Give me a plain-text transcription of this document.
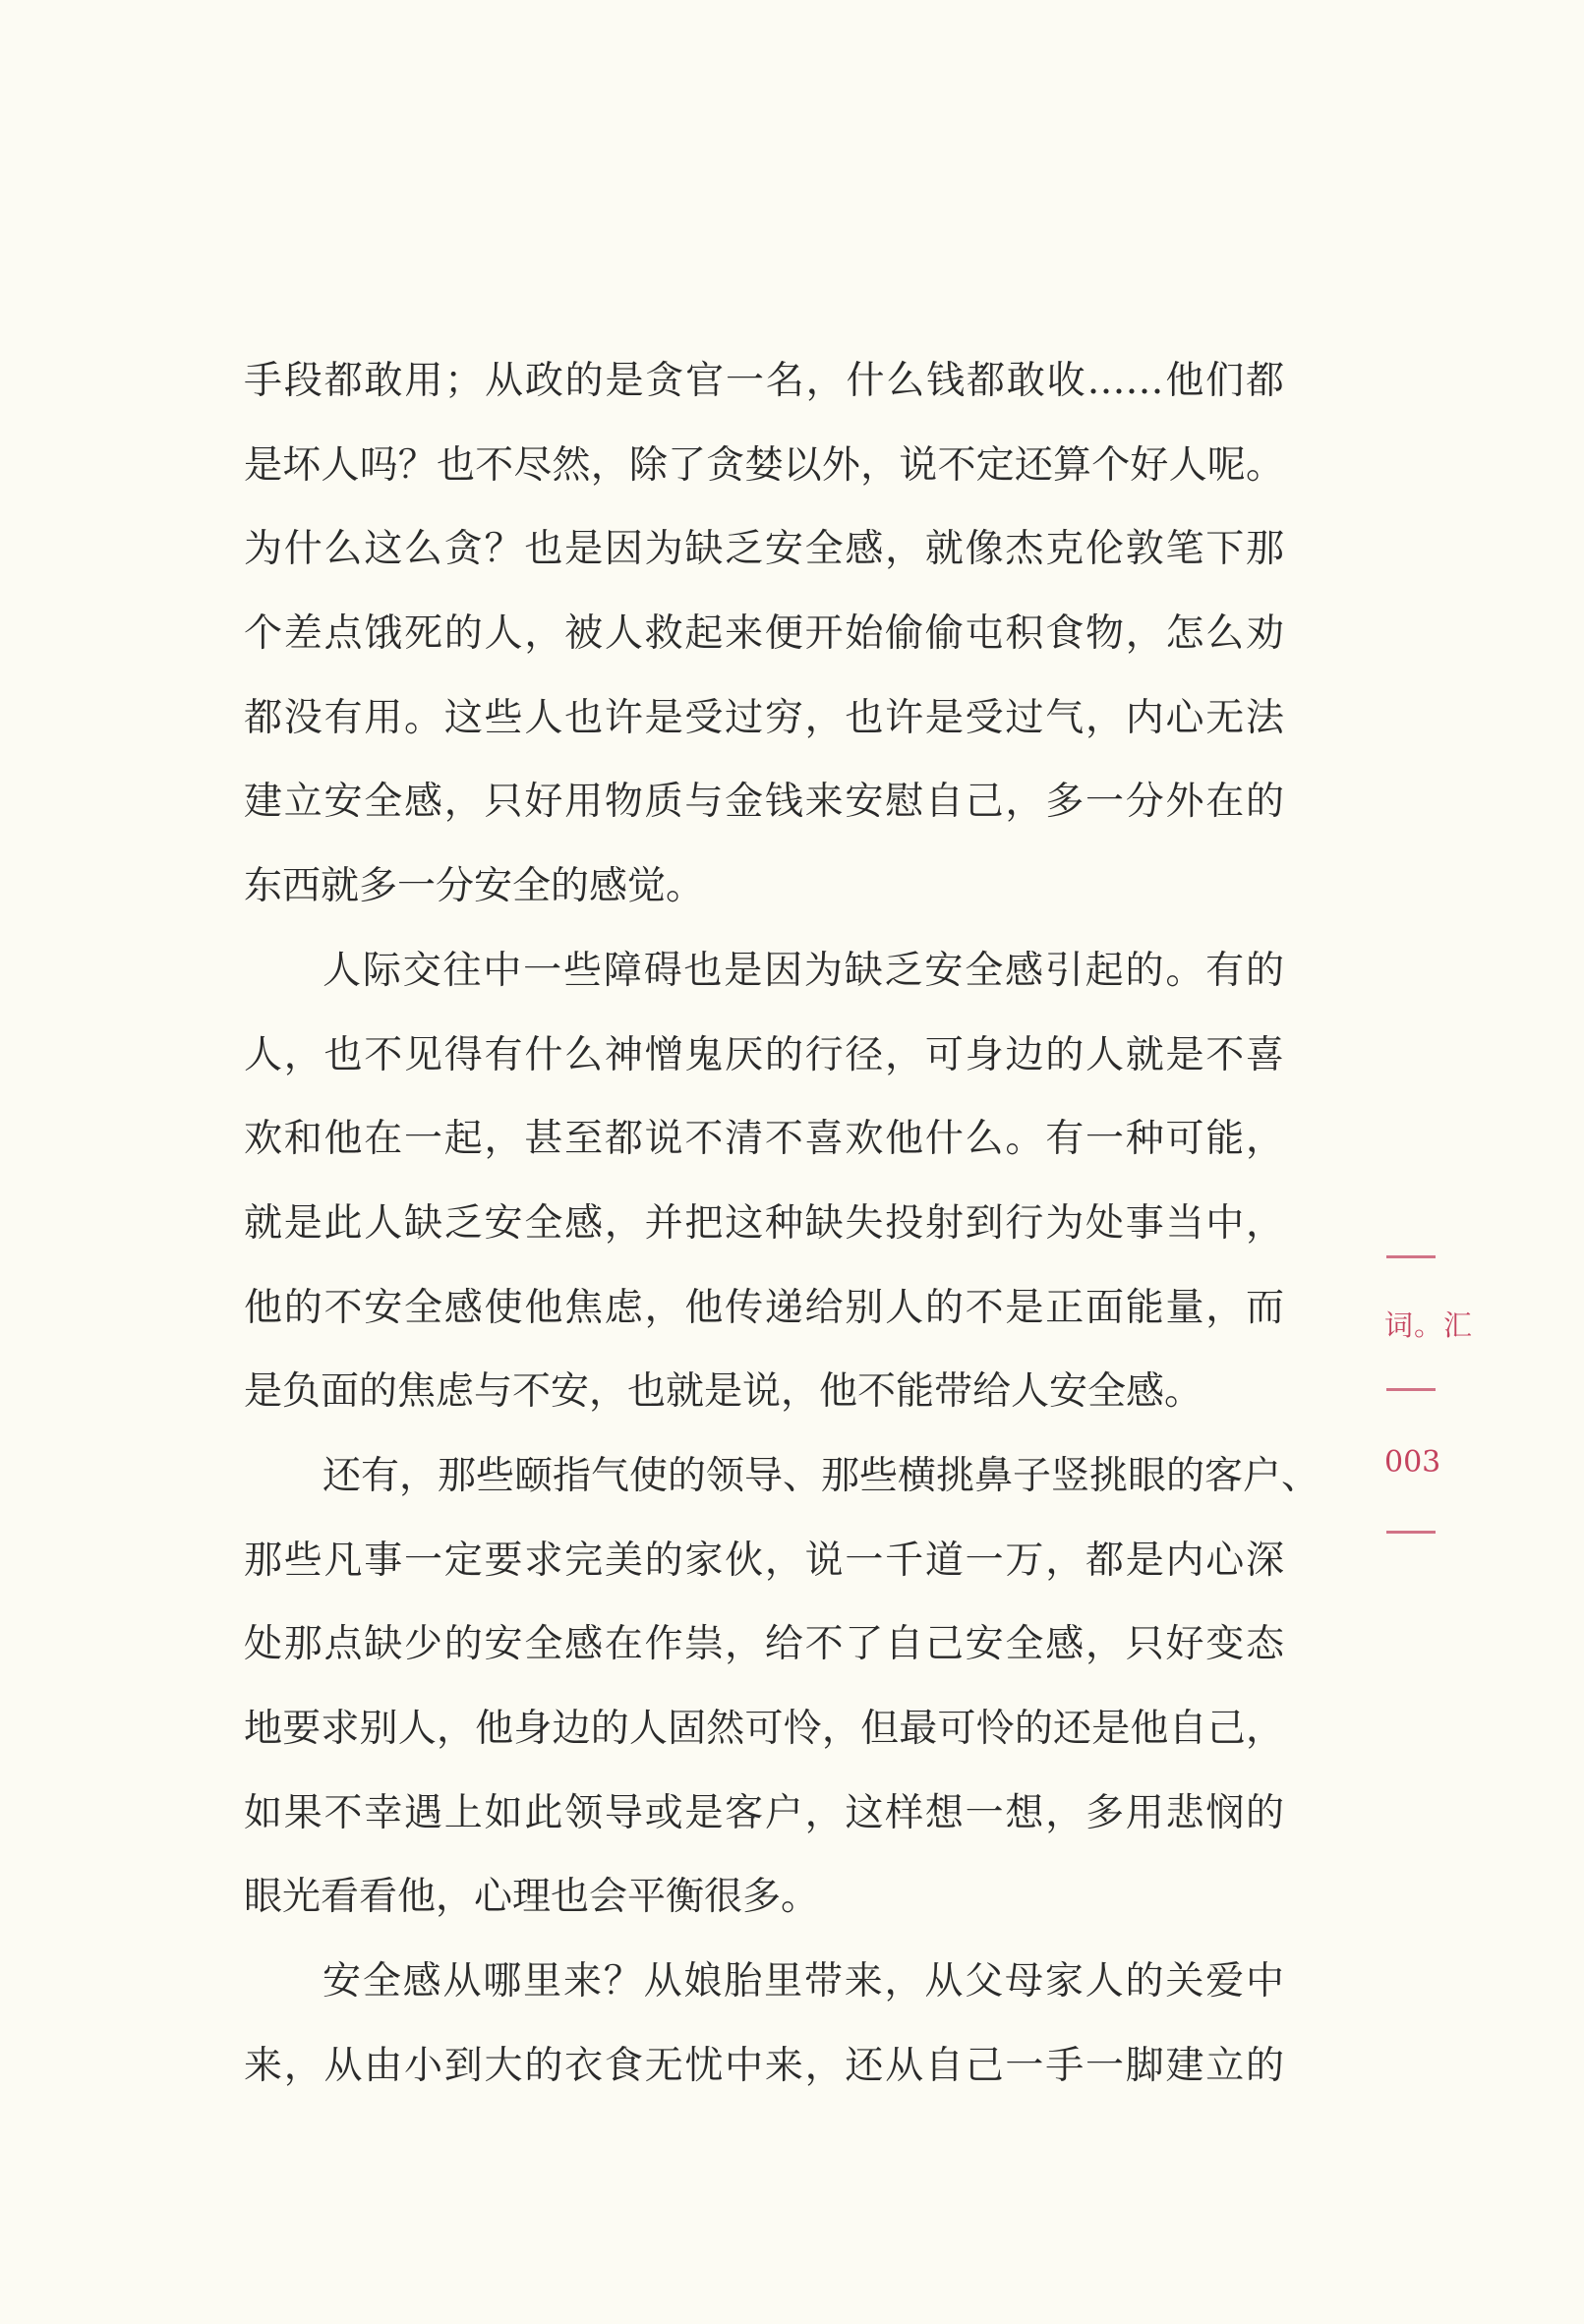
手段都敢用；从政的是贪官一名，什么钱都敢收……他们都
是坏人吗？也不尽然，除了贪婪以外，说不定还算个好人呢。
为什么这么贪？也是因为缺乏安全感，就像杰克伦敦笔下那
个差点饿死的人，被人救起来便开始偷偷屯积食物，怎么劝
都没有用。这些人也许是受过穷，也许是受过气，内心无法
建立安全感，只好用物质与金钱来安慰自己，多一分外在的
东西就多一分安全的感觉。
人际交往中一些障碍也是因为缺乏安全感引起的。有的
人，也不见得有什么神憎鬼厌的行径，可身边的人就是不喜
欢和他在一起，甚至都说不清不喜欢他什么。有一种可能，
就是此人缺乏安全感，并把这种缺失投射到行为处事当中，
他的不安全感使他焦虑，他传递给别人的不是正面能量，而
是负面的焦虑与不安，也就是说，他不能带给人安全感。
还有，那些颐指气使的领导、那些横挑鼻子竖挑眼的客户、
那些凡事一定要求完美的家伙，说一千道一万，都是内心深
处那点缺少的安全感在作祟，给不了自己安全感，只好变态
地要求别人，他身边的人固然可怜，但最可怜的还是他自己，
如果不幸遇上如此领导或是客户，这样想一想，多用悲悯的
眼光看看他，心理也会平衡很多。
安全感从哪里来？从娘胎里带来，从父母家人的关爱中
来，从由小到大的衣食无忧中来，还从自己一手一脚建立的
词。汇
003
